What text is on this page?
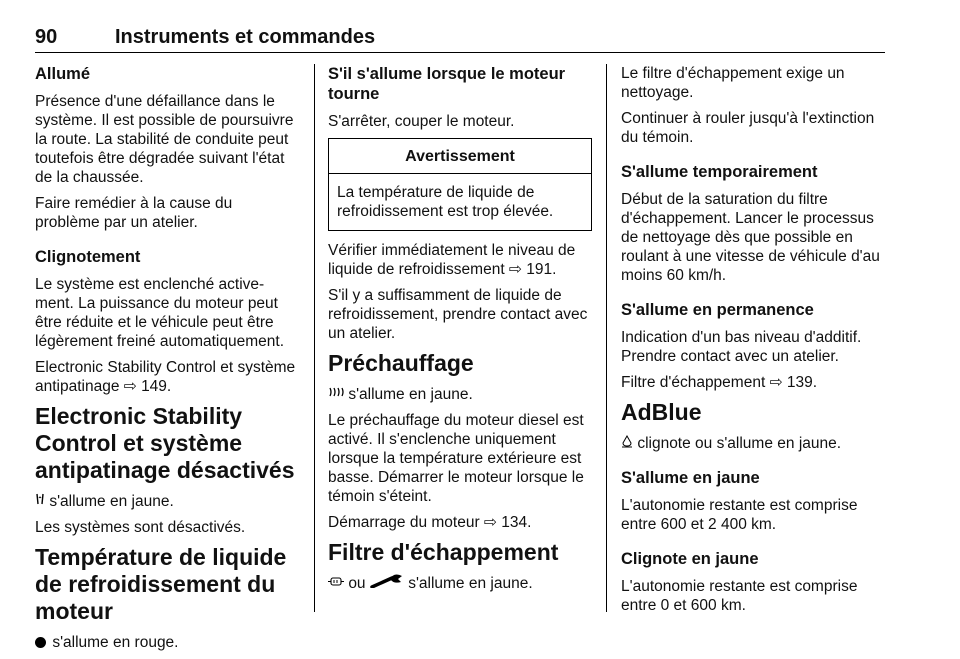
90	Instruments et commandes
Allumé

Présence d'une défaillance dans le système. Il est possible de poursuivre la route. La stabilité de conduite peut toutefois être dégradée suivant l'état de la chaussée.

Faire remédier à la cause du problème par un atelier.

Clignotement

Le système est enclenché active-ment. La puissance du moteur peut être réduite et le véhicule peut être légèrement freiné automatiquement.

Electronic Stability Control et système antipatinage ⇨ 149.

Electronic Stability Control et système antipatinage désactivés

s'allume en jaune.

Les systèmes sont désactivés.

Température de liquide de refroidissement du moteur

s'allume en rouge.

S'il s'allume lorsque le moteur tourne

S'arrêter, couper le moteur.

Avertissement
La température de liquide de refroidissement est trop élevée.

Vérifier immédiatement le niveau de liquide de refroidissement ⇨ 191.

S'il y a suffisamment de liquide de refroidissement, prendre contact avec un atelier.

Préchauffage

s'allume en jaune.

Le préchauffage du moteur diesel est activé. Il s'enclenche uniquement lorsque la température extérieure est basse. Démarrer le moteur lorsque le témoin s'éteint.

Démarrage du moteur ⇨ 134.

Filtre d'échappement

ou	s'allume en jaune.

Le filtre d'échappement exige un nettoyage.

Continuer à rouler jusqu'à l'extinction du témoin.

S'allume temporairement

Début de la saturation du filtre d'échappement. Lancer le processus de nettoyage dès que possible en roulant à une vitesse de véhicule d'au moins 60 km/h.

S'allume en permanence

Indication d'un bas niveau d'additif. Prendre contact avec un atelier.

Filtre d'échappement ⇨ 139.

AdBlue

clignote ou s'allume en jaune.

S'allume en jaune

L'autonomie restante est comprise entre 600 et 2 400 km.

Clignote en jaune

L'autonomie restante est comprise entre 0 et 600 km.
